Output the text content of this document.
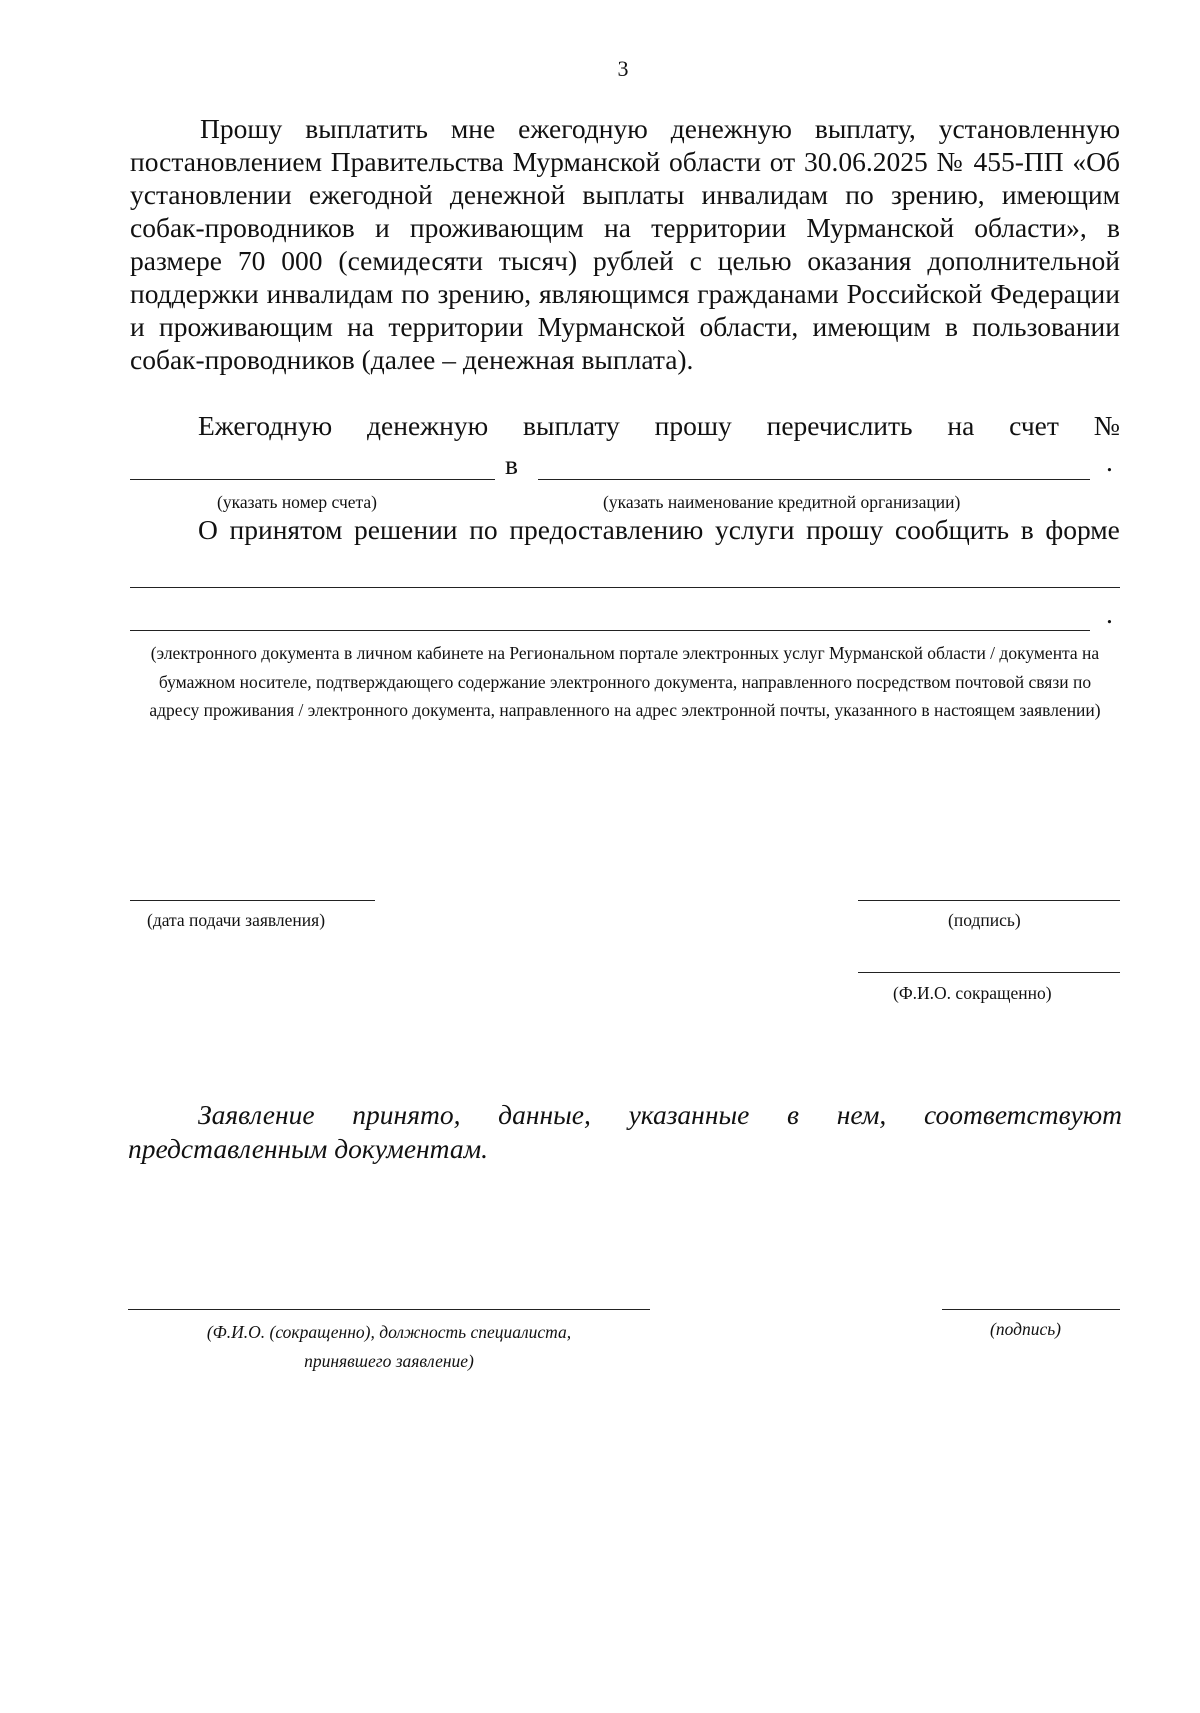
3
Прошу выплатить мне ежегодную денежную выплату, установленную постановлением Правительства Мурманской области от 30.06.2025 № 455-ПП «Об установлении ежегодной денежной выплаты инвалидам по зрению, имеющим собак-проводников и проживающим на территории Мурманской области», в размере 70 000 (семидесяти тысяч) рублей с целью оказания дополнительной поддержки инвалидам по зрению, являющимся гражданами Российской Федерации и проживающим на территории Мурманской области, имеющим в пользовании собак-проводников (далее – денежная выплата).
Ежегодную денежную выплату прошу перечислить на счет №
в	.
(указать номер счета)	(указать наименование кредитной организации)
О принятом решении по предоставлению услуги прошу сообщить в форме
.
(электронного документа в личном кабинете на Региональном портале электронных услуг Мурманской области / документа на бумажном носителе, подтверждающего содержание электронного документа, направленного посредством почтовой связи по адресу проживания / электронного документа, направленного на адрес электронной почты, указанного в настоящем заявлении)
(дата подачи заявления)	(подпись)
(Ф.И.О. сокращенно)
Заявление принято, данные, указанные в нем, соответствуют представленным документам.
(Ф.И.О. (сокращенно), должность специалиста,
принявшего заявление)
(подпись)
